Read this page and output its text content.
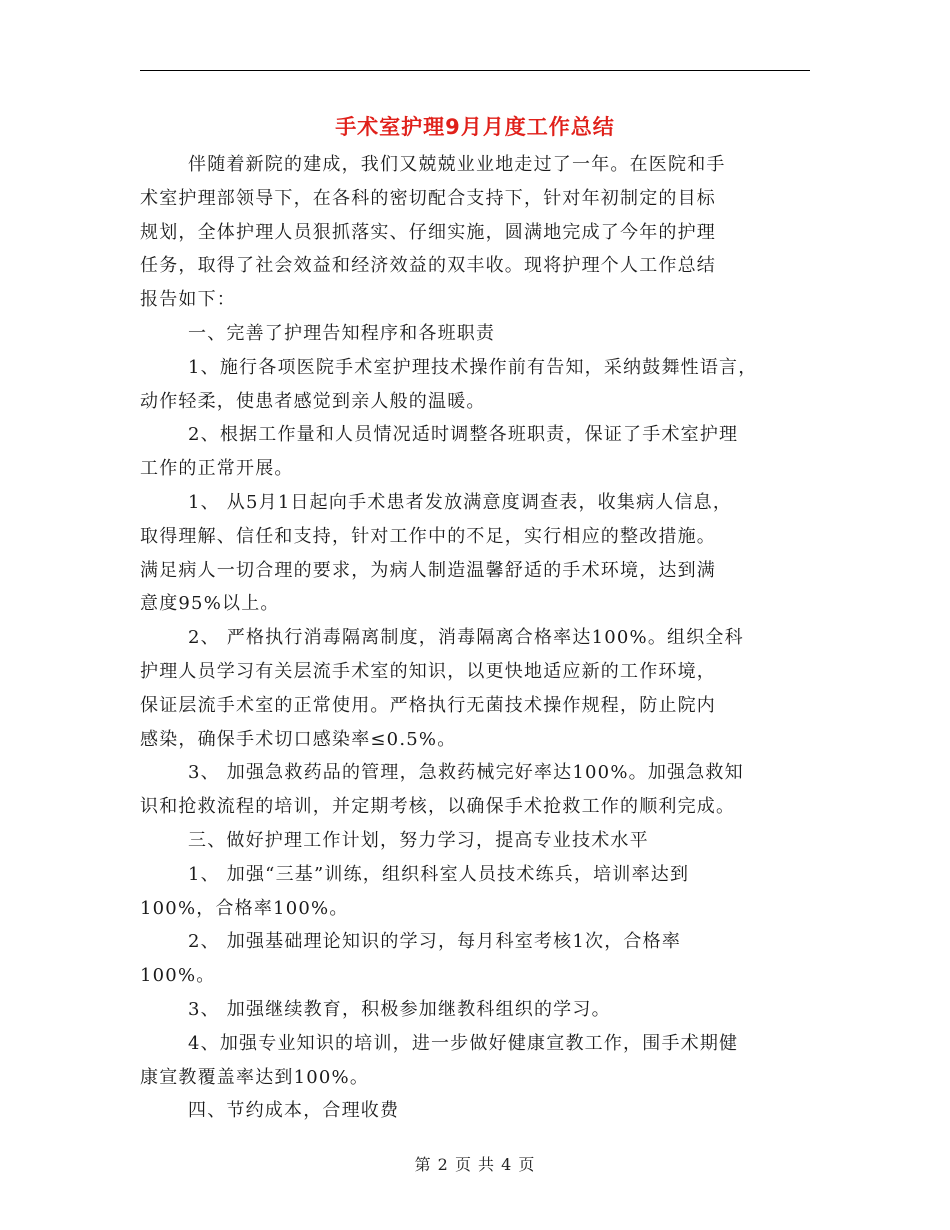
手术室护理9月月度工作总结
伴随着新院的建成，我们又兢兢业业地走过了一年。在医院和手
术室护理部领导下，在各科的密切配合支持下，针对年初制定的目标
规划，全体护理人员狠抓落实、仔细实施，圆满地完成了今年的护理
任务，取得了社会效益和经济效益的双丰收。现将护理个人工作总结
报告如下：
一、完善了护理告知程序和各班职责
1、施行各项医院手术室护理技术操作前有告知，采纳鼓舞性语言，
动作轻柔，使患者感觉到亲人般的温暖。
2、根据工作量和人员情况适时调整各班职责，保证了手术室护理
工作的正常开展。
1、 从5月1日起向手术患者发放满意度调查表，收集病人信息，
取得理解、信任和支持，针对工作中的不足，实行相应的整改措施。
满足病人一切合理的要求，为病人制造温馨舒适的手术环境，达到满
意度95%以上。
2、 严格执行消毒隔离制度，消毒隔离合格率达100%。组织全科
护理人员学习有关层流手术室的知识，以更快地适应新的工作环境，
保证层流手术室的正常使用。严格执行无菌技术操作规程，防止院内
感染，确保手术切口感染率≤0.5%。
3、 加强急救药品的管理，急救药械完好率达100%。加强急救知
识和抢救流程的培训，并定期考核，以确保手术抢救工作的顺利完成。
三、做好护理工作计划，努力学习，提高专业技术水平
1、 加强“三基”训练，组织科室人员技术练兵，培训率达到
100%，合格率100%。
2、 加强基础理论知识的学习，每月科室考核1次，合格率
100%。
3、 加强继续教育，积极参加继教科组织的学习。
4、加强专业知识的培训，进一步做好健康宣教工作，围手术期健
康宣教覆盖率达到100%。
四、节约成本，合理收费
第 2 页 共 4 页
